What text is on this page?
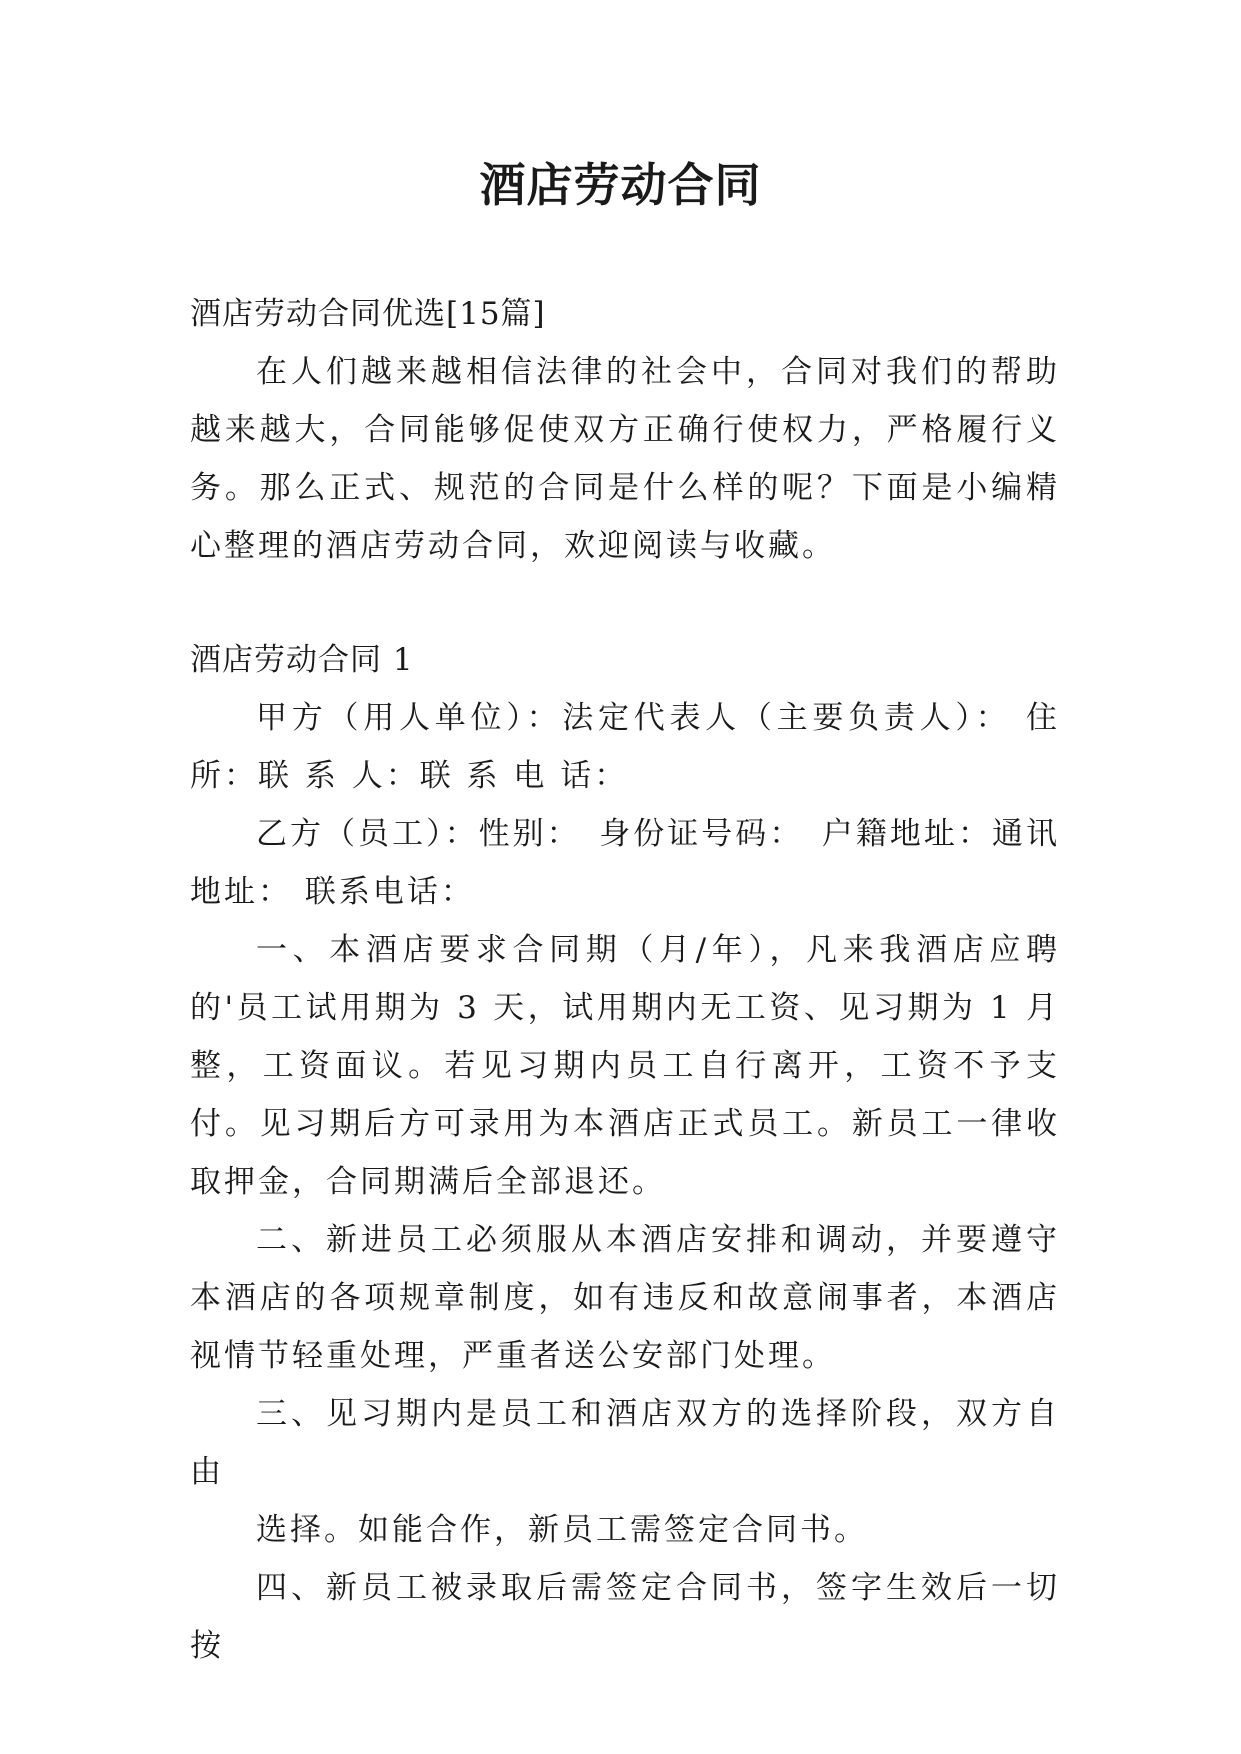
酒店劳动合同

酒店劳动合同优选[15篇]

在人们越来越相信法律的社会中，合同对我们的帮助越来越大，合同能够促使双方正确行使权力，严格履行义务。那么正式、规范的合同是什么样的呢？下面是小编精心整理的酒店劳动合同，欢迎阅读与收藏。

酒店劳动合同 1

甲方（用人单位）：法定代表人（主要负责人）： 住所：联 系 人：联 系 电 话：

乙方（员工）：性别：　身份证号码：　户籍地址：通讯地址： 联系电话：

一、本酒店要求合同期（月/年），凡来我酒店应聘的'员工试用期为 3 天，试用期内无工资、见习期为 1 月整，工资面议。若见习期内员工自行离开，工资不予支付。见习期后方可录用为本酒店正式员工。新员工一律收取押金，合同期满后全部退还。

二、新进员工必须服从本酒店安排和调动，并要遵守本酒店的各项规章制度，如有违反和故意闹事者，本酒店视情节轻重处理，严重者送公安部门处理。

三、见习期内是员工和酒店双方的选择阶段，双方自由

选择。如能合作，新员工需签定合同书。

四、新员工被录取后需签定合同书，签字生效后一切按
